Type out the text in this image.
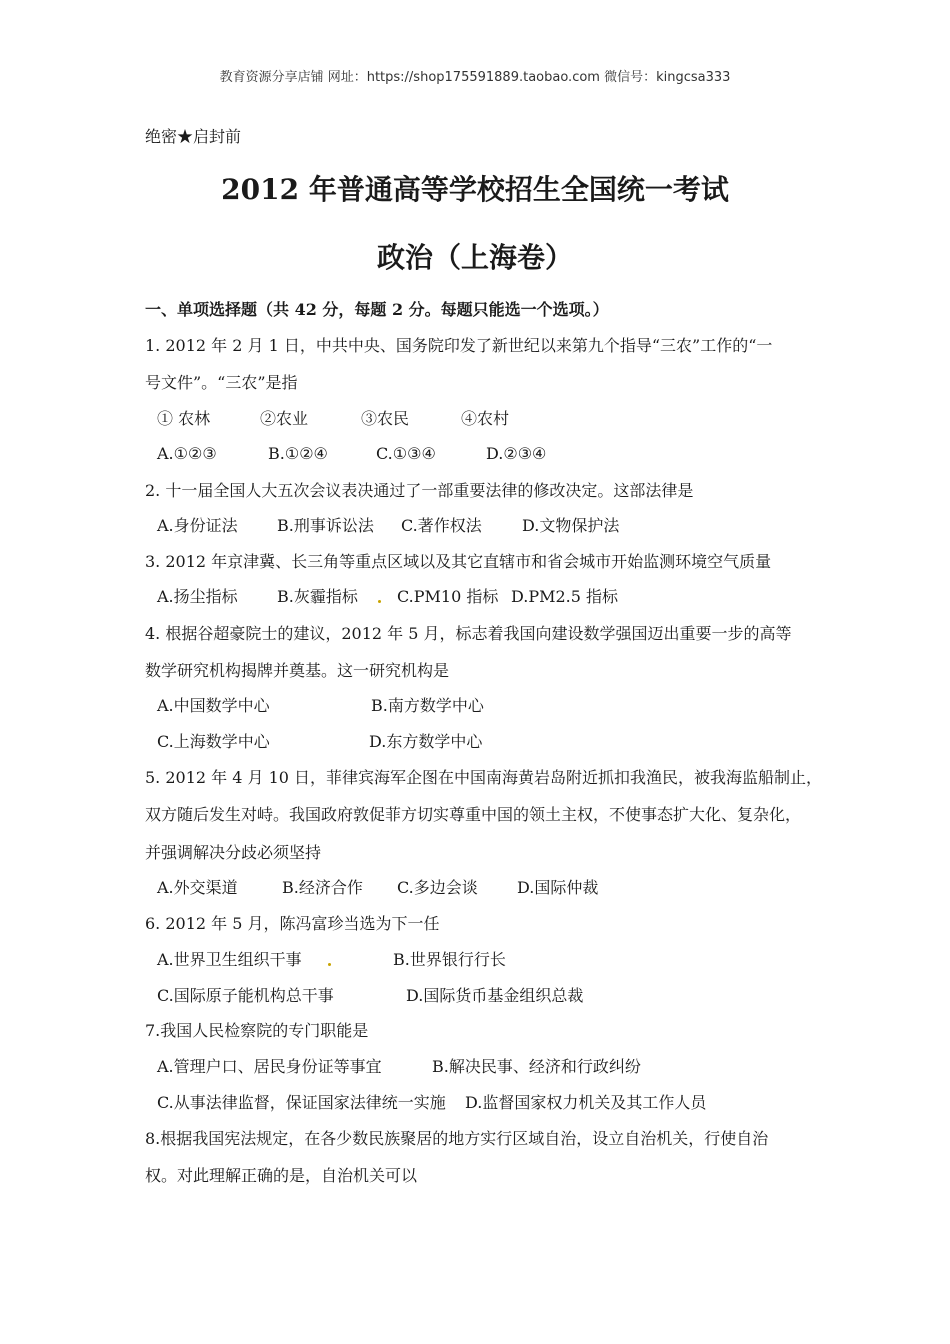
教育资源分享店铺 网址：https://shop175591889.taobao.com 微信号：kingcsa333
绝密★启封前
2012 年普通高等学校招生全国统一考试
政治（上海卷）
一、单项选择题（共 42 分，每题 2 分。每题只能选一个选项。）
1. 2012 年 2 月 1 日，中共中央、国务院印发了新世纪以来第九个指导“三农”工作的“一
号文件”。“三农”是指
① 农林	②农业	③农民	④农村
A.①②③	B.①②④	C.①③④	D.②③④
2. 十一届全国人大五次会议表决通过了一部重要法律的修改决定。这部法律是
A.身份证法 B.刑事诉讼法 C.著作权法	D.文物保护法
3. 2012 年京津冀、长三角等重点区域以及其它直辖市和省会城市开始监测环境空气质量
A.扬尘指标 B.灰霾指标 C.PM10 指标 D.PM2.5 指标
4. 根据谷超豪院士的建议，2012 年 5 月，标志着我国向建设数学强国迈出重要一步的高等
数学研究机构揭牌并奠基。这一研究机构是
A.中国数学中心	B.南方数学中心
C.上海数学中心	D.东方数学中心
5. 2012 年 4 月 10 日，菲律宾海军企图在中国南海黄岩岛附近抓扣我渔民，被我海监船制止，
双方随后发生对峙。我国政府敦促菲方切实尊重中国的领土主权，不使事态扩大化、复杂化，
并强调解决分歧必须坚持
A.外交渠道	B.经济合作 C.多边会谈 D.国际仲裁
6. 2012 年 5 月，陈冯富珍当选为下一任
A.世界卫生组织干事	B.世界银行行长
C.国际原子能机构总干事	D.国际货币基金组织总裁
7.我国人民检察院的专门职能是
A.管理户口、居民身份证等事宜	B.解决民事、经济和行政纠纷
C.从事法律监督，保证国家法律统一实施 D.监督国家权力机关及其工作人员
8.根据我国宪法规定，在各少数民族聚居的地方实行区域自治，设立自治机关，行使自治
权。对此理解正确的是，自治机关可以
